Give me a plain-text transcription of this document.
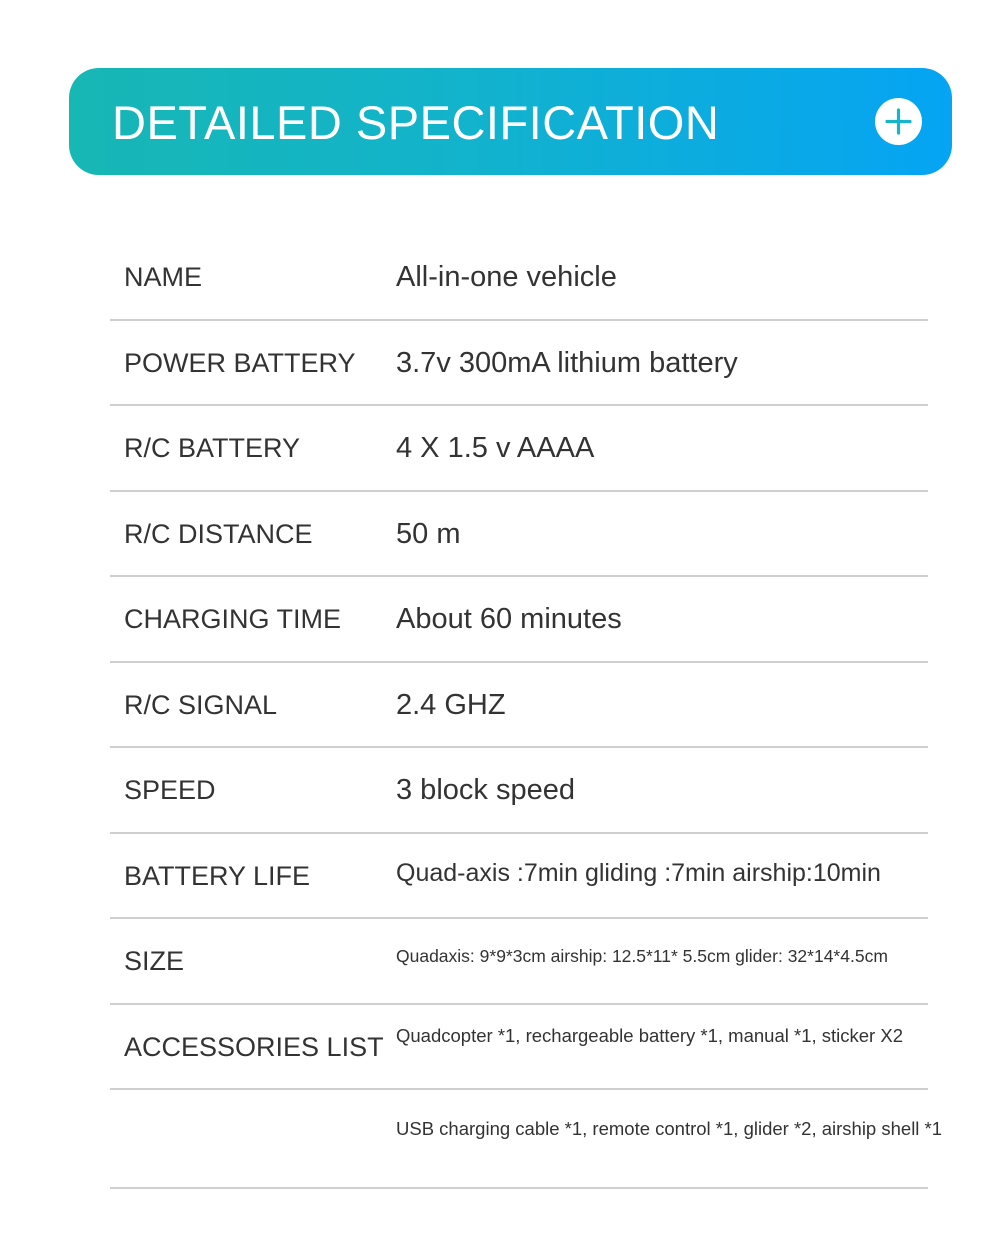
DETAILED SPECIFICATION
NAME	All-in-one vehicle
POWER BATTERY 3.7v 300mA lithium battery
R/C BATTERY	4 X 1.5 v AAAA
R/C DISTANCE	50 m
CHARGING TIME About 60 minutes
R/C SIGNAL	2.4 GHZ
SPEED	3 block speed
BATTERY LIFE	Quad-axis :7min gliding :7min airship:10min
SIZE	Quadaxis: 9*9*3cm airship: 12.5*11* 5.5cm glider: 32*14*4.5cm
ACCESSORIES LIST Quadcopter *1, rechargeable battery *1, manual *1, sticker X2
USB charging cable *1, remote control *1, glider *2, airship shell *1
